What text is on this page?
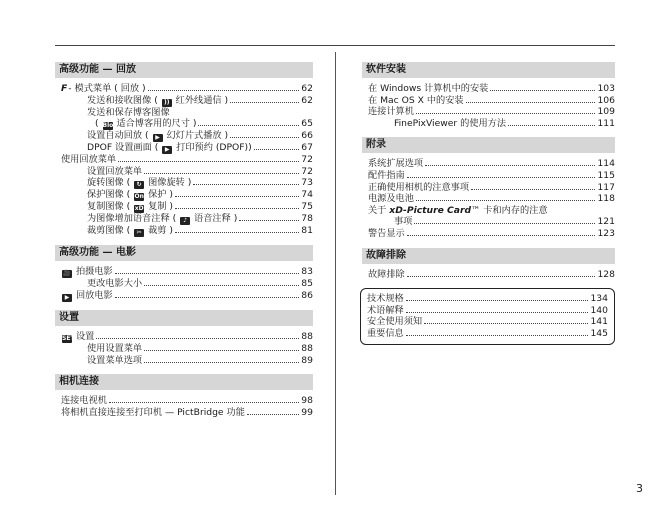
高级功能 — 回放
F- 模式菜单 ( 回放 )	62
发送和接收图像 ( )) 红外线通信 )	62
发送和保存博客图像
( Blog 适合博客用的尺寸 )	65
设置自动回放 ( ▶ 幻灯片式播放 )	66
DPOF 设置画面 ( ▶ 打印预约 (DPOF))	67
使用回放菜单	72
设置回放菜单	72
旋转图像 ( ↻ 图像旋转 )	73
保护图像 ( On 保护 )	74
复制图像 ( xD 复制 )	75
为图像增加语音注释 ( ♪ 语音注释 )	78
裁剪图像 ( ✂ 裁剪 )	81
高级功能 — 电影
🎥 拍摄电影	83
更改电影大小	85
▶ 回放电影	86
设置
SET设置	88
使用设置菜单	88
设置菜单选项	89
相机连接
连接电视机	98
将相机直接连接至打印机 — PictBridge 功能	99
软件安装
在 Windows 计算机中的安装	103
在 Mac OS X 中的安装	106
连接计算机	109
FinePixViewer 的使用方法	111
附录
系统扩展选项	114
配件指南	115
正确使用相机的注意事项	117
电源及电池	118
关于 xD-Picture Card™ 卡和内存的注意
事项	121
警告显示	123
故障排除
故障排除	128
技术规格	134
术语解释	140
安全使用须知	141
重要信息	145
3
